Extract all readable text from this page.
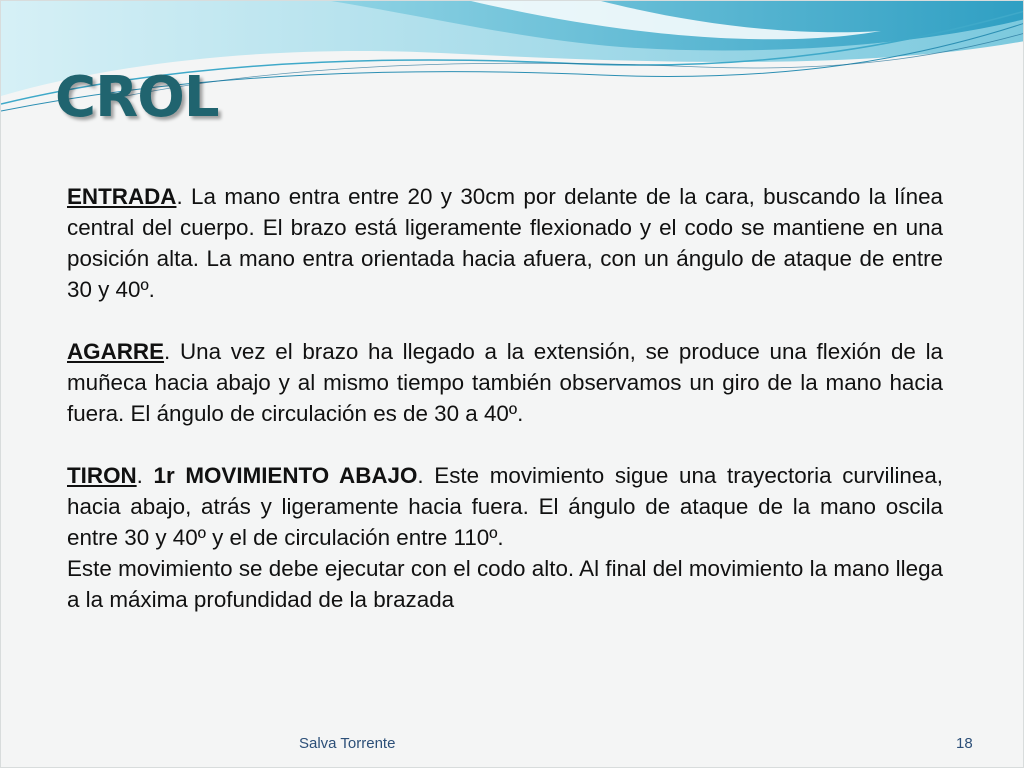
CROL

ENTRADA. La mano entra entre 20 y 30cm por delante de la cara, buscando la línea central del cuerpo. El brazo está ligeramente flexionado y el codo se mantiene en una posición alta. La mano entra orientada hacia afuera, con un ángulo de ataque de entre 30 y 40º.

AGARRE. Una vez el brazo ha llegado a la extensión, se produce una flexión de la muñeca hacia abajo y al mismo tiempo también observamos un giro de la mano hacia fuera. El ángulo de circulación es de 30 a 40º.

TIRON. 1r MOVIMIENTO ABAJO. Este movimiento sigue una trayectoria curvilinea, hacia abajo, atrás y ligeramente hacia fuera. El ángulo de ataque de la mano oscila entre 30 y 40º y el de circulación entre 110º.

Este movimiento se debe ejecutar con el codo alto. Al final del movimiento la mano llega a la máxima profundidad de la brazada

Salva Torrente	18
